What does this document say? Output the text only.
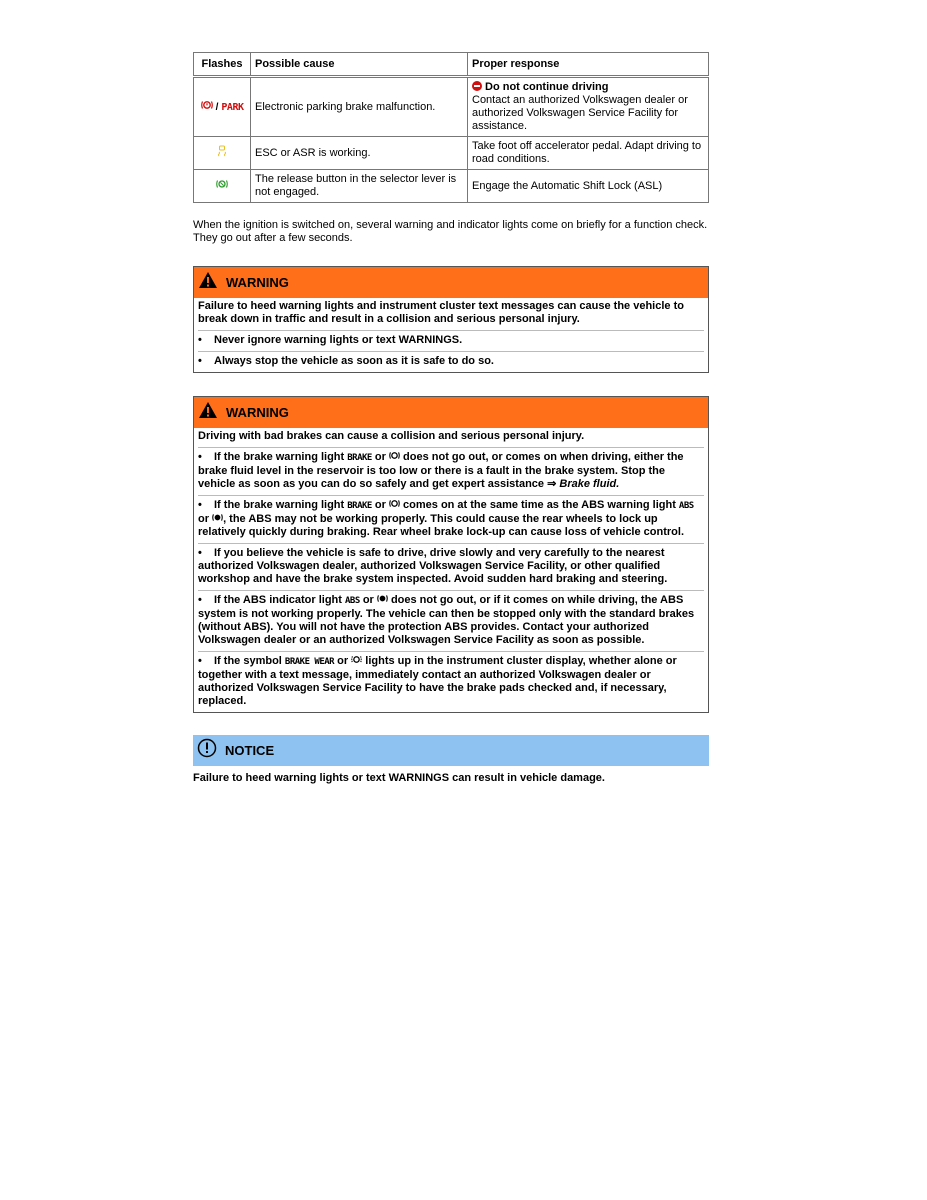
Flashes	Possible cause	Proper response
/ PARK	Electronic parking brake malfunction.	Do not continue driving
Contact an authorized Volkswagen dealer or authorized Volkswagen Service Facility for assistance.

	ESC or ASR is working.	Take foot off accelerator pedal. Adapt driving to road conditions.
	The release button in the selector lever is not engaged.	Engage the Automatic Shift Lock (ASL)

When the ignition is switched on, several warning and indicator lights come on briefly for a function check. They go out after a few seconds.

WARNING

Failure to heed warning lights and instrument cluster text messages can cause the vehicle to break down in traffic and result in a collision and serious personal injury.

• Never ignore warning lights or text WARNINGS.
• Always stop the vehicle as soon as it is safe to do so.
WARNING

Driving with bad brakes can cause a collision and serious personal injury.

• If the brake warning light BRAKE or does not go out, or comes on when driving, either the brake fluid level in the reservoir is too low or there is a fault in the brake system. Stop the vehicle as soon as you can do so safely and get expert assistance ⇒ Brake fluid.
• If the brake warning light BRAKE or comes on at the same time as the ABS warning light ABS or , the ABS may not be working properly. This could cause the rear wheels to lock up relatively quickly during braking. Rear wheel brake lock-up can cause loss of vehicle control.
• If you believe the vehicle is safe to drive, drive slowly and very carefully to the nearest authorized Volkswagen dealer, authorized Volkswagen Service Facility, or other qualified workshop and have the brake system inspected. Avoid sudden hard braking and steering.
• If the ABS indicator light ABS or does not go out, or if it comes on while driving, the ABS system is not working properly. The vehicle can then be stopped only with the standard brakes (without ABS). You will not have the protection ABS provides. Contact your authorized Volkswagen dealer or an authorized Volkswagen Service Facility as soon as possible.
• If the symbol BRAKE WEAR or lights up in the instrument cluster display, whether alone or together with a text message, immediately contact an authorized Volkswagen dealer or authorized Volkswagen Service Facility to have the brake pads checked and, if necessary, replaced.
NOTICE

Failure to heed warning lights or text WARNINGS can result in vehicle damage.
